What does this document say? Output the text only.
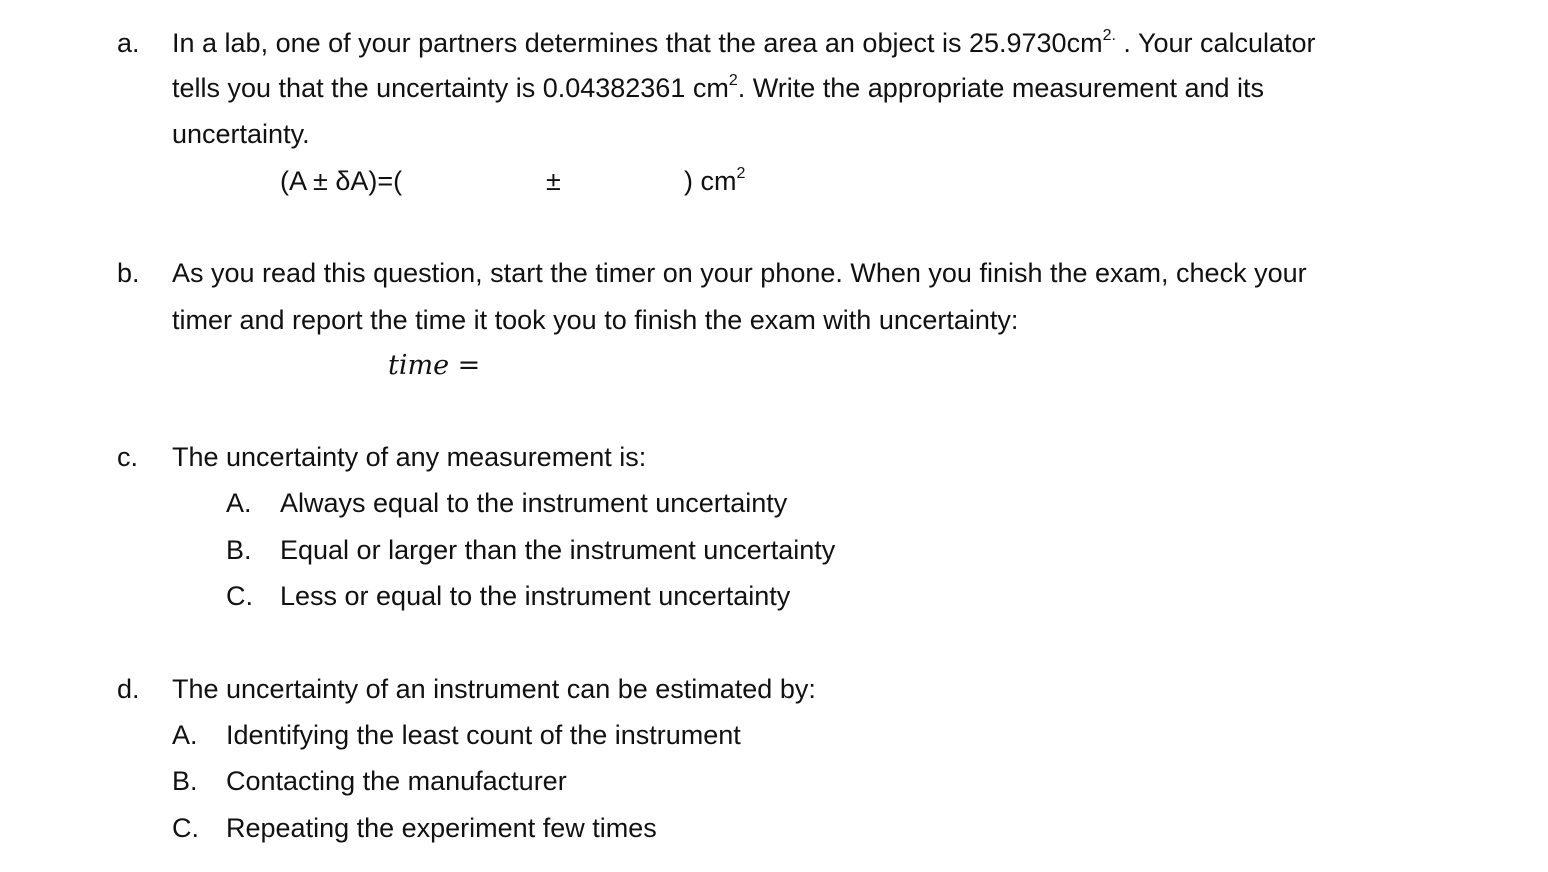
a. In a lab, one of your partners determines that the area an object is $25.9730cm^{2.}$ . Your calculator
tells you that the uncertainty is 0.04382361 $cm^2$. Write the appropriate measurement and its
uncertainty.
(A ± δA)=(	±	) $cm^2$
b. As you read this question, start the timer on your phone. When you finish the exam, check your
timer and report the time it took you to finish the exam with uncertainty:
time =
c. The uncertainty of any measurement is:
A. Always equal to the instrument uncertainty
B. Equal or larger than the instrument uncertainty
C. Less or equal to the instrument uncertainty
d. The uncertainty of an instrument can be estimated by:
A. Identifying the least count of the instrument
B. Contacting the manufacturer
C. Repeating the experiment few times
